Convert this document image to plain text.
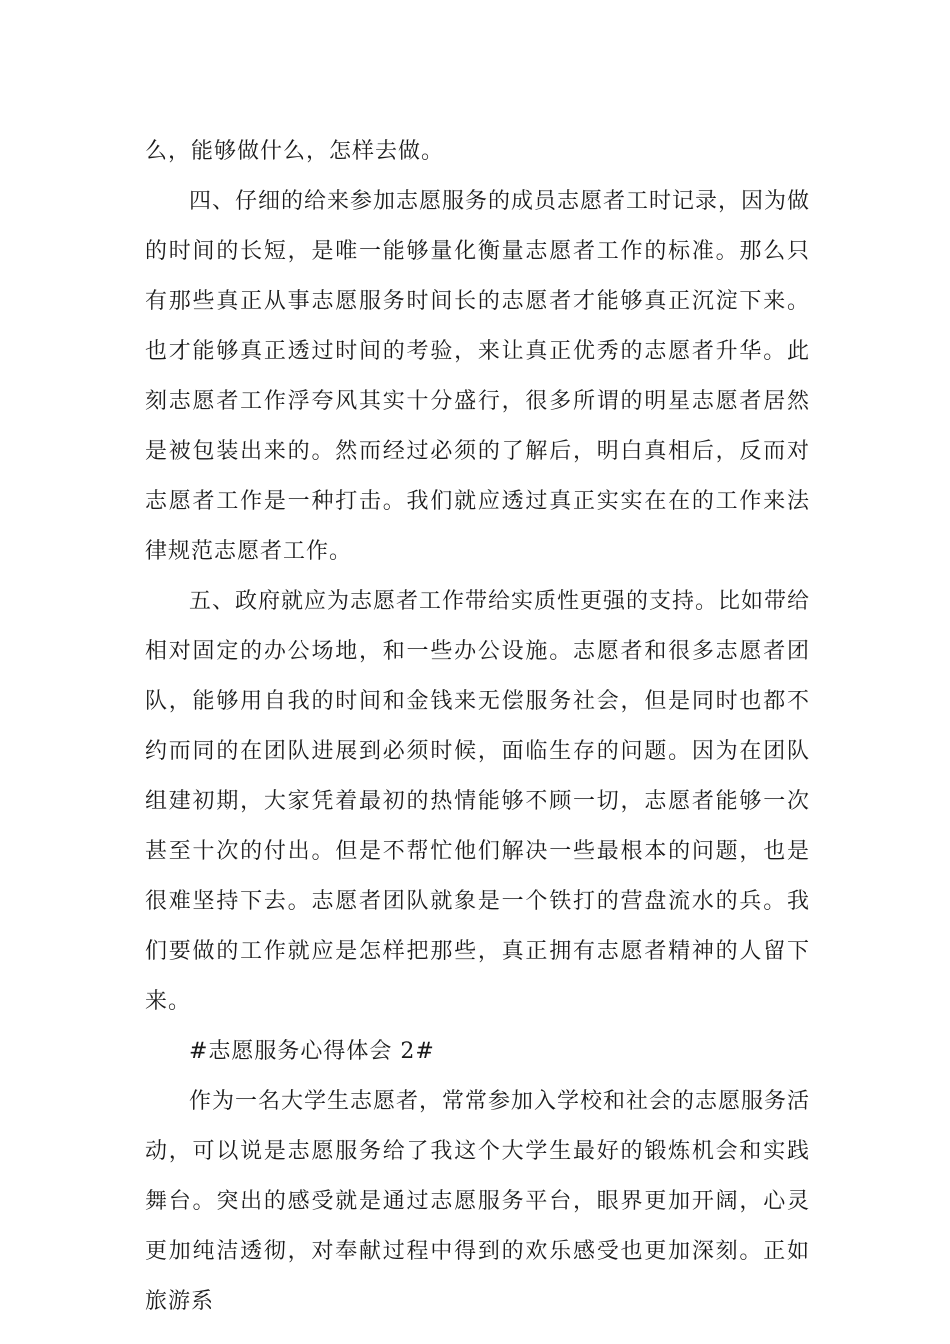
么，能够做什么，怎样去做。

四、仔细的给来参加志愿服务的成员志愿者工时记录，因为做的时间的长短，是唯一能够量化衡量志愿者工作的标准。那么只有那些真正从事志愿服务时间长的志愿者才能够真正沉淀下来。也才能够真正透过时间的考验，来让真正优秀的志愿者升华。此刻志愿者工作浮夸风其实十分盛行，很多所谓的明星志愿者居然是被包装出来的。然而经过必须的了解后，明白真相后，反而对志愿者工作是一种打击。我们就应透过真正实实在在的工作来法律规范志愿者工作。

五、政府就应为志愿者工作带给实质性更强的支持。比如带给相对固定的办公场地，和一些办公设施。志愿者和很多志愿者团队，能够用自我的时间和金钱来无偿服务社会，但是同时也都不约而同的在团队进展到必须时候，面临生存的问题。因为在团队组建初期，大家凭着最初的热情能够不顾一切，志愿者能够一次甚至十次的付出。但是不帮忙他们解决一些最根本的问题，也是很难坚持下去。志愿者团队就象是一个铁打的营盘流水的兵。我们要做的工作就应是怎样把那些，真正拥有志愿者精神的人留下来。

#志愿服务心得体会 2#

作为一名大学生志愿者，常常参加入学校和社会的志愿服务活动，可以说是志愿服务给了我这个大学生最好的锻炼机会和实践舞台。突出的感受就是通过志愿服务平台，眼界更加开阔，心灵更加纯洁透彻，对奉献过程中得到的欢乐感受也更加深刻。正如旅游系
